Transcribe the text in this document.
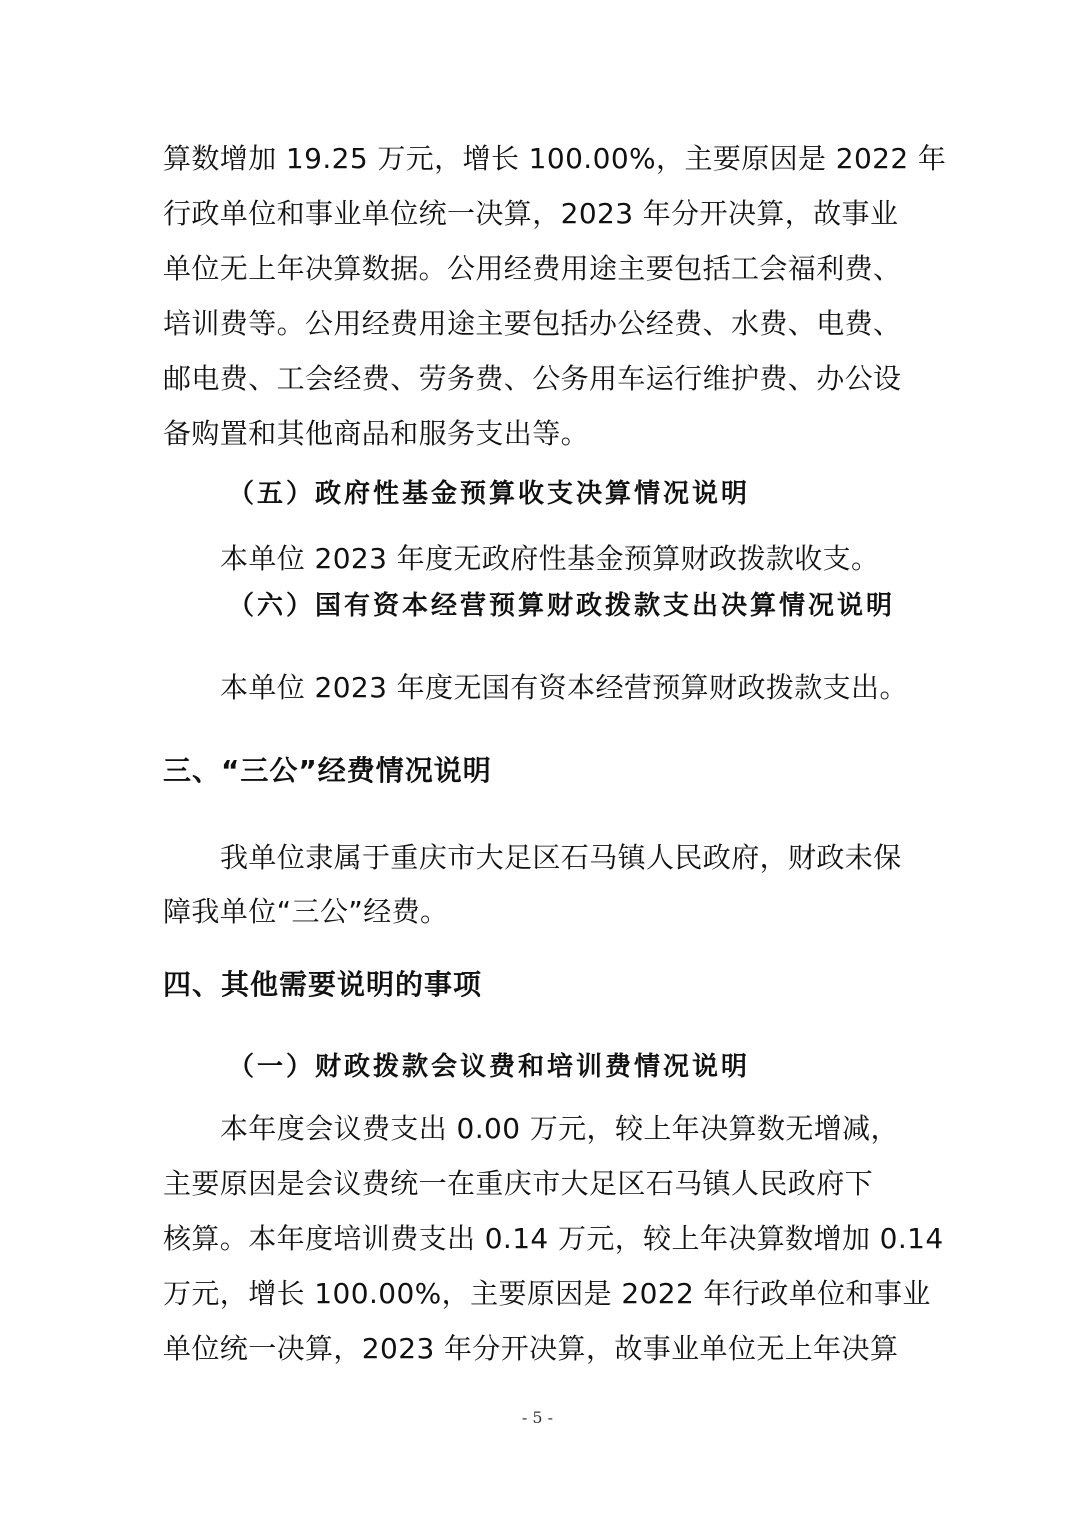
算数增加 19.25 万元，增长 100.00%，主要原因是 2022 年
行政单位和事业单位统一决算，2023 年分开决算，故事业
单位无上年决算数据。公用经费用途主要包括工会福利费、
培训费等。公用经费用途主要包括办公经费、水费、电费、
邮电费、工会经费、劳务费、公务用车运行维护费、办公设
备购置和其他商品和服务支出等。
（五）政府性基金预算收支决算情况说明
本单位 2023 年度无政府性基金预算财政拨款收支。
（六）国有资本经营预算财政拨款支出决算情况说明
本单位 2023 年度无国有资本经营预算财政拨款支出。
三、“三公”经费情况说明
我单位隶属于重庆市大足区石马镇人民政府，财政未保
障我单位“三公”经费。
四、其他需要说明的事项
（一）财政拨款会议费和培训费情况说明
本年度会议费支出 0.00 万元，较上年决算数无增减，
主要原因是会议费统一在重庆市大足区石马镇人民政府下
核算。本年度培训费支出 0.14 万元，较上年决算数增加 0.14
万元，增长 100.00%，主要原因是 2022 年行政单位和事业
单位统一决算，2023 年分开决算，故事业单位无上年决算
- 5 -
